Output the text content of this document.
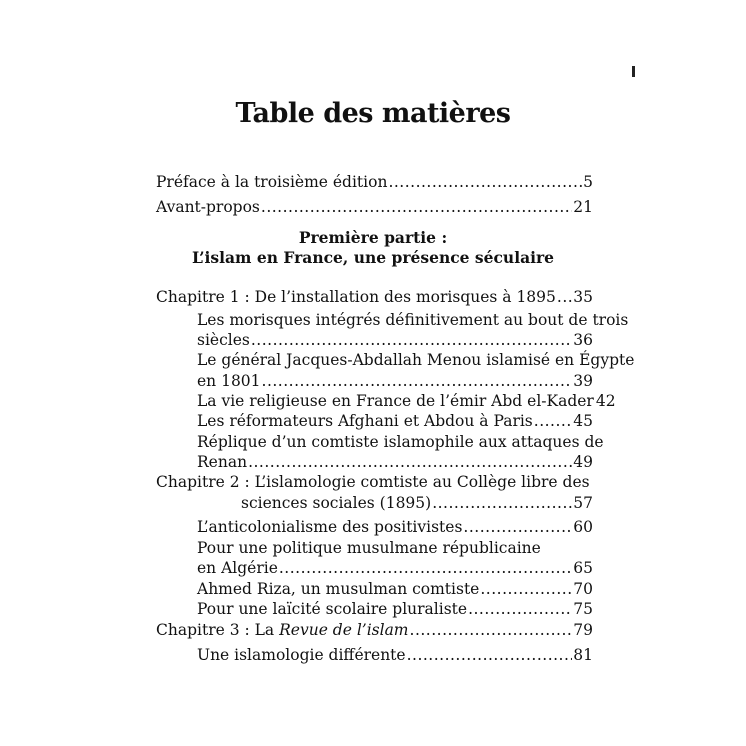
Table des matières
Préface à la troisième édition .....	5
Avant-propos .....	21
Première partie :
L’islam en France, une présence séculaire
Chapitre 1 : De l’installation des morisques à 1895 ..... 35
Les morisques intégrés définitivement au bout de trois
siècles .....	36
Le général Jacques-Abdallah Menou islamisé en Égypte
en 1801 .....	39
La vie religieuse en France de l’émir Abd el-Kader 42
Les réformateurs Afghani et Abdou à Paris .....	45
Réplique d’un comtiste islamophile aux attaques de
Renan .....	49
Chapitre 2 : L’islamologie comtiste au Collège libre des
sciences sociales (1895) .....	57
L’anticolonialisme des positivistes .....	60
Pour une politique musulmane républicaine
en Algérie .....	65
Ahmed Riza, un musulman comtiste .....	70
Pour une laïcité scolaire pluraliste .....	75
Chapitre 3 : La Revue de l’islam .....	79
Une islamologie différente .....	81
